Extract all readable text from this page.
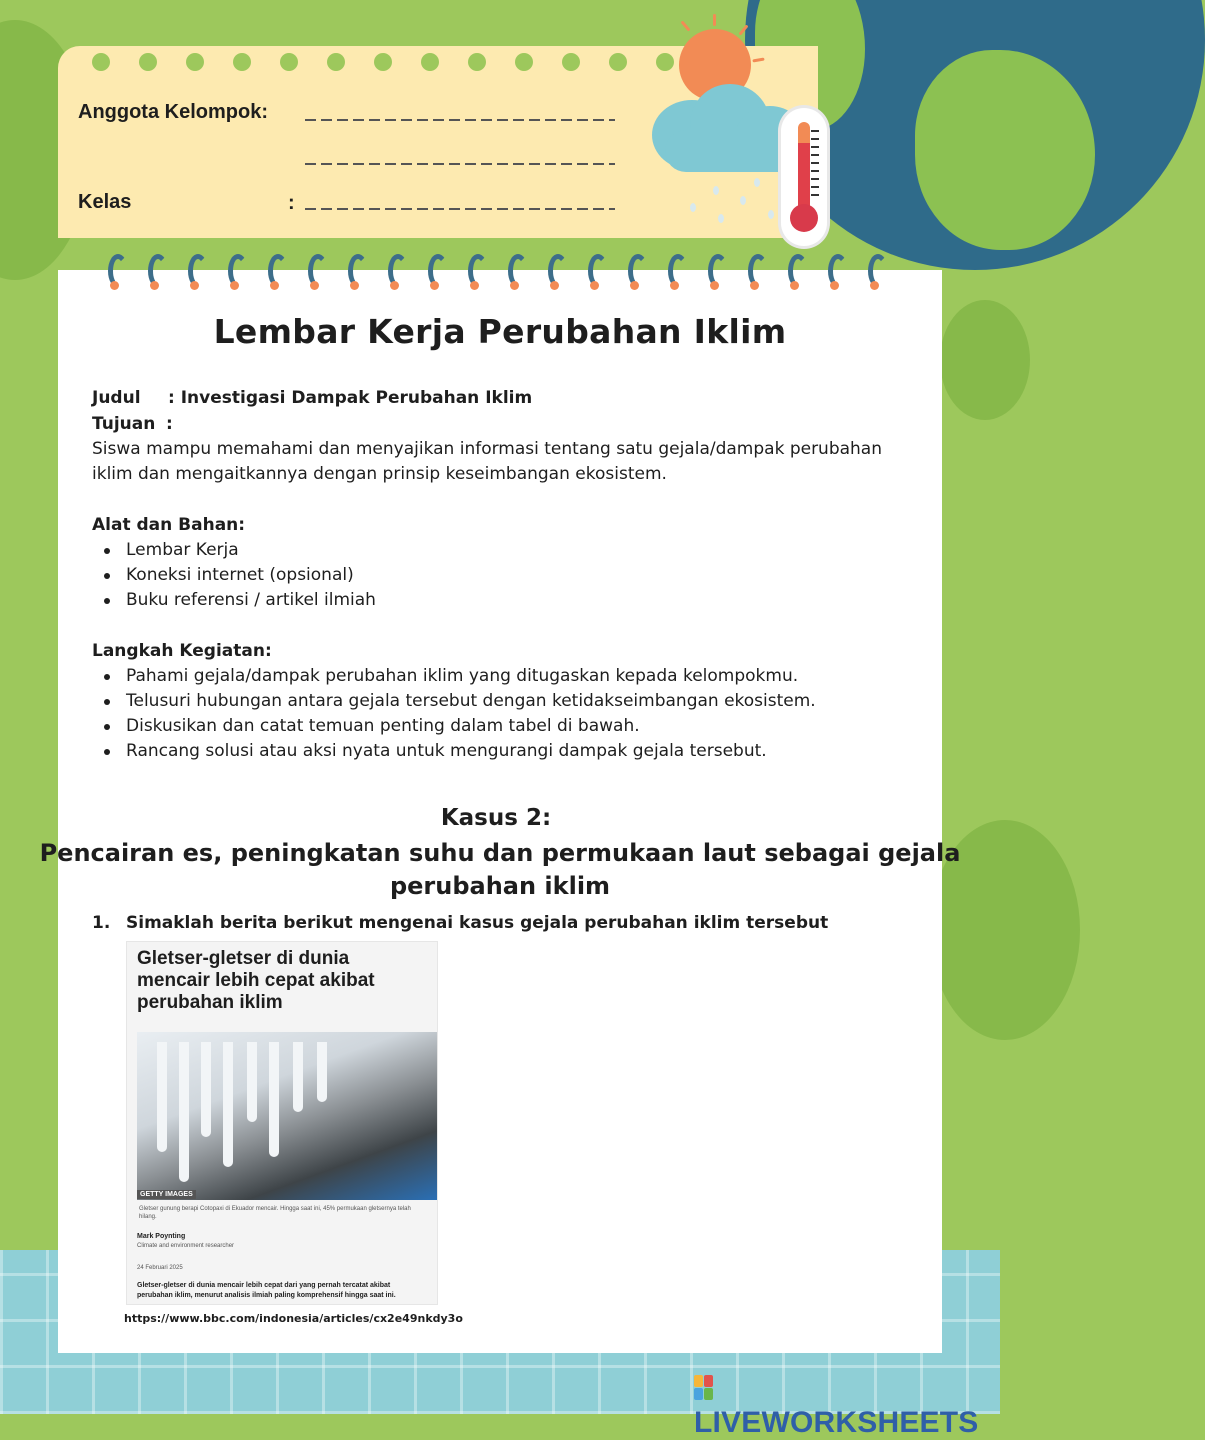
Anggota Kelompok:
Kelas	:
Lembar Kerja Perubahan Iklim
Judul : Investigasi Dampak Perubahan Iklim
Tujuan :
Siswa mampu memahami dan menyajikan informasi tentang satu gejala/dampak perubahan
iklim dan mengaitkannya dengan prinsip keseimbangan ekosistem.
Alat dan Bahan:
Lembar Kerja
Koneksi internet (opsional)
Buku referensi / artikel ilmiah
Langkah Kegiatan:
Pahami gejala/dampak perubahan iklim yang ditugaskan kepada kelompokmu.
Telusuri hubungan antara gejala tersebut dengan ketidakseimbangan ekosistem.
Diskusikan dan catat temuan penting dalam tabel di bawah.
Rancang solusi atau aksi nyata untuk mengurangi dampak gejala tersebut.
Kasus 2:
Pencairan es, peningkatan suhu dan permukaan laut sebagai gejala
perubahan iklim
1. Simaklah berita berikut mengenai kasus gejala perubahan iklim tersebut
Gletser-gletser di dunia
mencair lebih cepat akibat
perubahan iklim
GETTY IMAGES
Gletser gunung berapi Cotopaxi di Ekuador mencair. Hingga saat ini, 45% permukaan gletsernya telah
hilang.
Mark Poynting
Climate and environment researcher
24 Februari 2025
Gletser-gletser di dunia mencair lebih cepat dari yang pernah tercatat akibat
perubahan iklim, menurut analisis ilmiah paling komprehensif hingga saat ini.
https://www.bbc.com/indonesia/articles/cx2e49nkdy3o
LIVEWORKSHEETS
